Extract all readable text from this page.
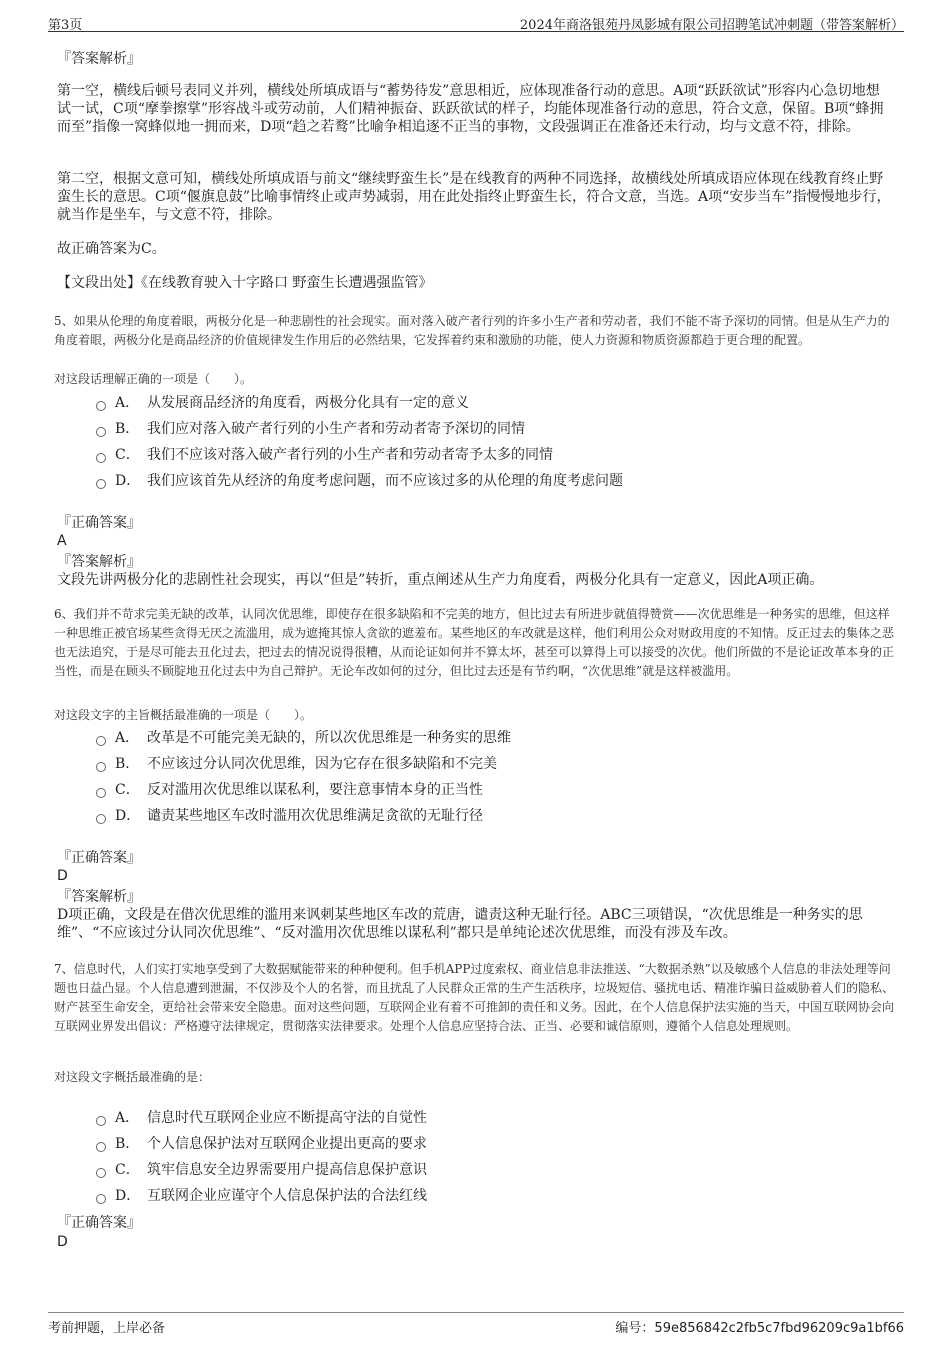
第3页	2024年商洛银苑丹凤影城有限公司招聘笔试冲刺题（带答案解析）
『答案解析』
第一空，横线后顿号表同义并列，横线处所填成语与“蓄势待发”意思相近，应体现准备行动的意思。A项“跃跃欲试”形容内心急切地想试一试，C项“摩拳擦掌”形容战斗或劳动前，人们精神振奋、跃跃欲试的样子，均能体现准备行动的意思，符合文意，保留。B项“蜂拥而至”指像一窝蜂似地一拥而来，D项“趋之若鹜”比喻争相追逐不正当的事物，文段强调正在准备还未行动，均与文意不符，排除。
第二空，根据文意可知，横线处所填成语与前文“继续野蛮生长”是在线教育的两种不同选择，故横线处所填成语应体现在线教育终止野蛮生长的意思。C项“偃旗息鼓”比喻事情终止或声势减弱，用在此处指终止野蛮生长，符合文意，当选。A项“安步当车”指慢慢地步行，就当作是坐车，与文意不符，排除。
故正确答案为C。
【文段出处】《在线教育驶入十字路口 野蛮生长遭遇强监管》
5、如果从伦理的角度着眼，两极分化是一种悲剧性的社会现实。面对落入破产者行列的许多小生产者和劳动者，我们不能不寄予深切的同情。但是从生产力的角度着眼，两极分化是商品经济的价值规律发生作用后的必然结果，它发挥着约束和激励的功能，使人力资源和物质资源都趋于更合理的配置。
对这段话理解正确的一项是（　　）。
A． 从发展商品经济的角度看，两极分化具有一定的意义
B． 我们应对落入破产者行列的小生产者和劳动者寄予深切的同情
C． 我们不应该对落入破产者行列的小生产者和劳动者寄予太多的同情
D． 我们应该首先从经济的角度考虑问题，而不应该过多的从伦理的角度考虑问题
『正确答案』
A
『答案解析』
文段先讲两极分化的悲剧性社会现实，再以“但是”转折，重点阐述从生产力角度看，两极分化具有一定意义，因此A项正确。
6、我们并不苛求完美无缺的改革，认同次优思维，即使存在很多缺陷和不完美的地方，但比过去有所进步就值得赞赏——次优思维是一种务实的思维，但这样一种思维正被官场某些贪得无厌之流滥用，成为遮掩其惊人贪欲的遮羞布。某些地区的车改就是这样，他们利用公众对财政用度的不知情。反正过去的集体之恶也无法追究，于是尽可能去丑化过去，把过去的情况说得很糟，从而论证如何并不算太坏，甚至可以算得上可以接受的次优。他们所做的不是论证改革本身的正当性，而是在顾头不顾腚地丑化过去中为自己辩护。无论车改如何的过分，但比过去还是有节约啊，“次优思维”就是这样被滥用。
对这段文字的主旨概括最准确的一项是（　　）。
A． 改革是不可能完美无缺的，所以次优思维是一种务实的思维
B． 不应该过分认同次优思维，因为它存在很多缺陷和不完美
C． 反对滥用次优思维以谋私利，要注意事情本身的正当性
D． 谴责某些地区车改时滥用次优思维满足贪欲的无耻行径
『正确答案』
D
『答案解析』
D项正确，文段是在借次优思维的滥用来讽刺某些地区车改的荒唐，谴责这种无耻行径。ABC三项错误，“次优思维是一种务实的思维”、“不应该过分认同次优思维”、“反对滥用次优思维以谋私利”都只是单纯论述次优思维，而没有涉及车改。
7、信息时代，人们实打实地享受到了大数据赋能带来的种种便利。但手机APP过度索权、商业信息非法推送、“大数据杀熟”以及敏感个人信息的非法处理等问题也日益凸显。个人信息遭到泄漏，不仅涉及个人的名誉，而且扰乱了人民群众正常的生产生活秩序，垃圾短信、骚扰电话、精准诈骗日益威胁着人们的隐私、财产甚至生命安全，更给社会带来安全隐患。面对这些问题，互联网企业有着不可推卸的责任和义务。因此，在个人信息保护法实施的当天，中国互联网协会向互联网业界发出倡议：严格遵守法律规定，贯彻落实法律要求。处理个人信息应坚持合法、正当、必要和诚信原则，遵循个人信息处理规则。
对这段文字概括最准确的是：
A． 信息时代互联网企业应不断提高守法的自觉性
B． 个人信息保护法对互联网企业提出更高的要求
C． 筑牢信息安全边界需要用户提高信息保护意识
D． 互联网企业应谨守个人信息保护法的合法红线
『正确答案』
D
考前押题，上岸必备	编号：59e856842c2fb5c7fbd96209c9a1bf66
